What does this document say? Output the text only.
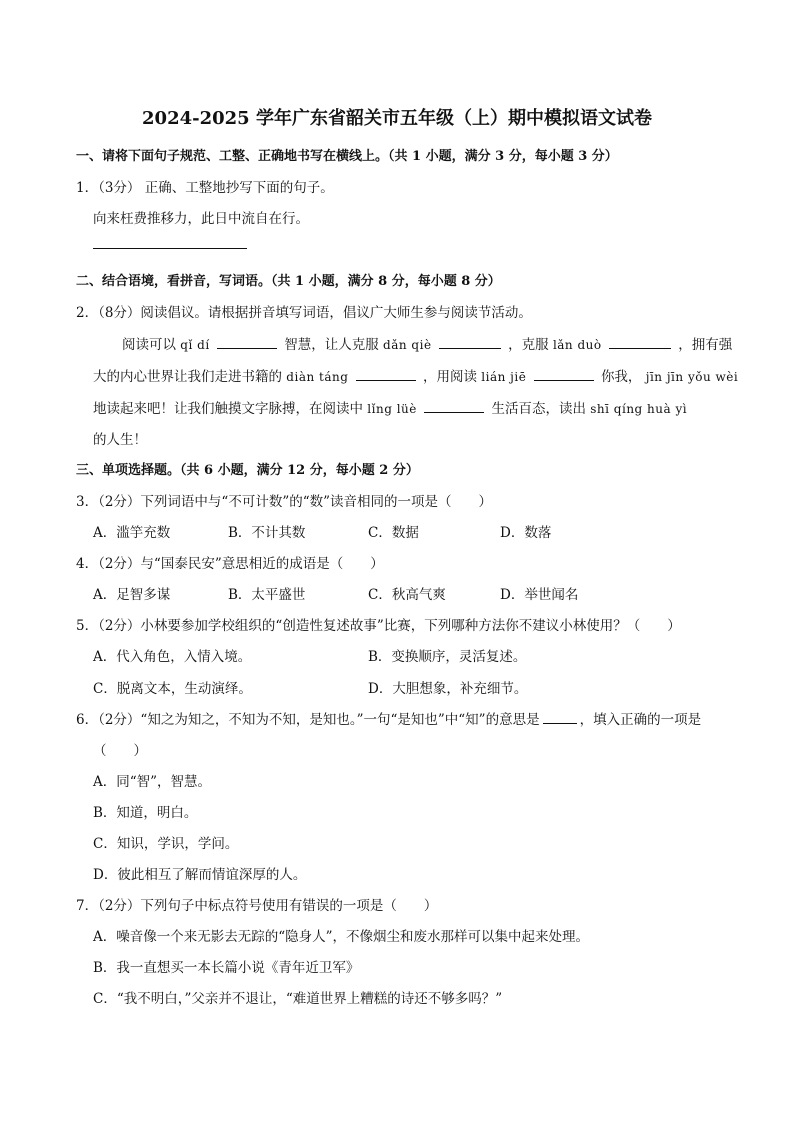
2024-2025 学年广东省韶关市五年级（上）期中模拟语文试卷
一、请将下面句子规范、工整、正确地书写在横线上。（共 1 小题，满分 3 分，每小题 3 分）
1．（3分） 正确、工整地抄写下面的句子。
向来枉费推移力，此日中流自在行。
二、结合语境，看拼音，写词语。（共 1 小题，满分 8 分，每小题 8 分）
2．（8分）阅读倡议。请根据拼音填写词语，倡议广大师生参与阅读节活动。
阅读可以 qǐ dí	智慧，让人克服 dǎn qiè	，克服 lǎn duò	，拥有强
大的内心世界让我们走进书籍的 diàn táng	，用阅读 lián jiē	你我， jīn jīn yǒu wèi
地读起来吧！让我们触摸文字脉搏，在阅读中 lǐng lüè	生活百态，读出 shī qíng huà yì
的人生！
三、单项选择题。（共 6 小题，满分 12 分，每小题 2 分）
3．（2分）下列词语中与“不可计数”的“数”读音相同的一项是（　　）
A．滥竽充数	B．不计其数	C．数据	D．数落
4．（2分）与“国泰民安”意思相近的成语是（　　）
A．足智多谋	B．太平盛世	C．秋高气爽	D．举世闻名
5．（2分）小林要参加学校组织的“创造性复述故事”比赛，下列哪种方法你不建议小林使用？（　　）
A．代入角色，入情入境。	B．变换顺序，灵活复述。
C．脱离文本，生动演绎。	D．大胆想象，补充细节。
6．（2分）“知之为知之，不知为不知，是知也。”一句“是知也”中“知”的意思是	，填入正确的一项是
（　　）
A．同“智”，智慧。
B．知道，明白。
C．知识，学识，学问。
D．彼此相互了解而情谊深厚的人。
7．（2分）下列句子中标点符号使用有错误的一项是（　　）
A．噪音像一个来无影去无踪的“隐身人”，不像烟尘和废水那样可以集中起来处理。
B．我一直想买一本长篇小说《青年近卫军》
C．“我不明白，”父亲并不退让，“难道世界上糟糕的诗还不够多吗？”
